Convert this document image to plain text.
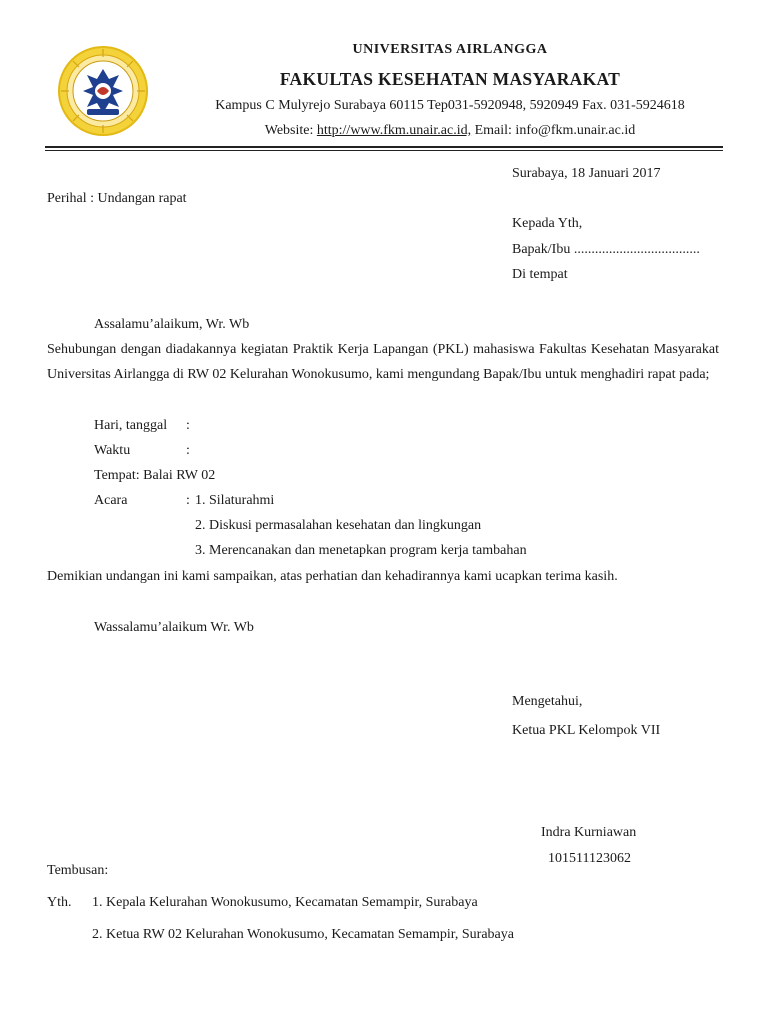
UNIVERSITAS AIRLANGGA
FAKULTAS KESEHATAN MASYARAKAT
Kampus C Mulyrejo Surabaya 60115 Tep031-5920948, 5920949 Fax. 031-5924618
Website: http://www.fkm.unair.ac.id, Email: info@fkm.unair.ac.id
Surabaya, 18 Januari 2017
Perihal : Undangan rapat
Kepada Yth,
Bapak/Ibu ....................................
Di tempat
Assalamu’alaikum, Wr. Wb
Sehubungan dengan diadakannya kegiatan Praktik Kerja Lapangan (PKL) mahasiswa Fakultas Kesehatan Masyarakat Universitas Airlangga di RW 02 Kelurahan Wonokusumo, kami mengundang Bapak/Ibu untuk menghadiri rapat pada;
Hari, tanggal :
Waktu	:
Tempat: Balai RW 02
Acara	: 1. Silaturahmi
2. Diskusi permasalahan kesehatan dan lingkungan
3. Merencanakan dan menetapkan program kerja tambahan
Demikian undangan ini kami sampaikan, atas perhatian dan kehadirannya kami ucapkan terima kasih.
Wassalamu’alaikum Wr. Wb
Mengetahui,
Ketua PKL Kelompok VII
Indra Kurniawan
101511123062
Tembusan:
Yth. 1. Kepala Kelurahan Wonokusumo, Kecamatan Semampir, Surabaya
2. Ketua RW 02 Kelurahan Wonokusumo, Kecamatan Semampir, Surabaya
